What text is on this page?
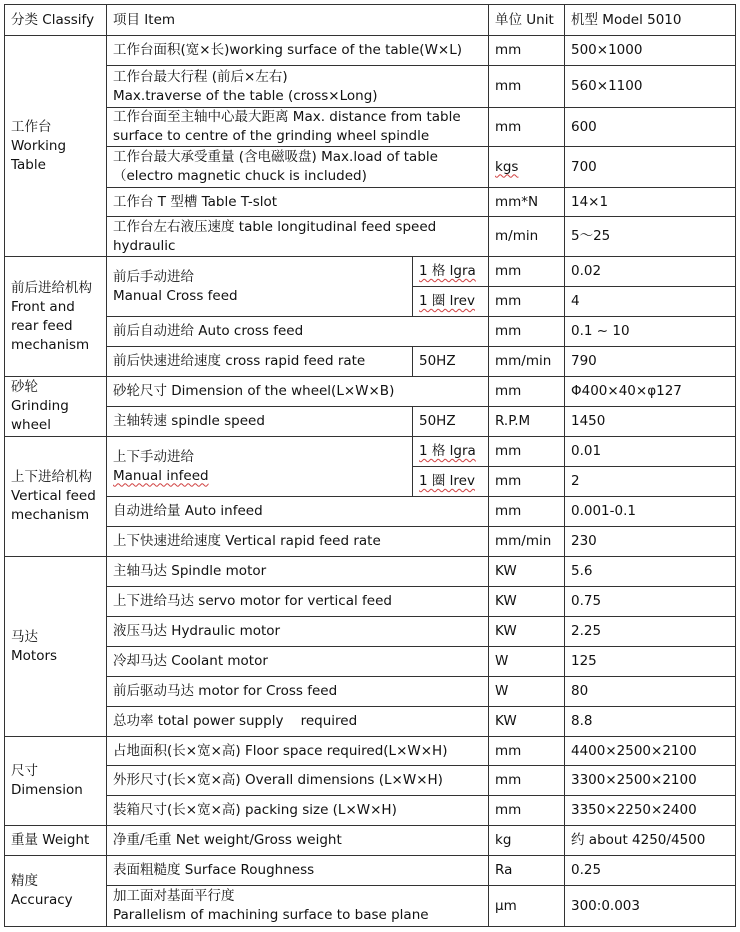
分类 Classify	项目 Item		单位 Unit	机型 Model 5010

工作台
Working
Table	工作台面积(宽×长)working surface of the table(W×L)		mm	500×1000

	工作台最大行程 (前后×左右)
Max.traverse of the table (cross×Long)		mm	560×1100

	工作台面至主轴中心最大距离 Max. distance from table
surface to centre of the grinding wheel spindle		mm	600

	工作台最大承受重量 (含电磁吸盘) Max.load of table
（electro magnetic chuck is included)		kgs	700
	工作台 T 型槽 Table T-slot		mm*N	14×1

	工作台左右液压速度 table longitudinal feed speed
hydraulic		m/min	5～25

前后进给机构
Front and
rear feed
mechanism	前后手动进给
Manual Cross feed	1 格 lgra	mm	0.02
		1 圈 lrev	mm	4
	前后自动进给 Auto cross feed		mm	0.1 ~ 10
	前后快速进给速度 cross rapid feed rate	50HZ	mm/min	790

砂轮
Grinding
wheel	砂轮尺寸 Dimension of the wheel(L×W×B)		mm	Φ400×40×φ127
	主轴转速 spindle speed	50HZ	R.P.M	1450

上下进给机构
Vertical feed
mechanism	上下手动进给
Manual infeed	1 格 lgra	mm	0.01
		1 圈 lrev	mm	2
	自动进给量 Auto infeed		mm	0.001-0.1
	上下快速进给速度 Vertical rapid feed rate		mm/min	230

马达
Motors	主轴马达 Spindle motor		KW	5.6
	上下进给马达 servo motor for vertical feed		KW	0.75
	液压马达 Hydraulic motor		KW	2.25
	冷却马达 Coolant motor		W	125
	前后驱动马达 motor for Cross feed		W	80
	总功率 total power supply    required		KW	8.8

尺寸
Dimension	占地面积(长×宽×高) Floor space required(L×W×H)		mm	4400×2500×2100
	外形尺寸(长×宽×高) Overall dimensions (L×W×H)		mm	3300×2500×2100
	装箱尺寸(长×宽×高) packing size (L×W×H)		mm	3350×2250×2400
重量 Weight	净重/毛重 Net weight/Gross weight		kg	约 about 4250/4500

精度
Accuracy	表面粗糙度 Surface Roughness		Ra	0.25

	加工面对基面平行度
Parallelism of machining surface to base plane		μm	300:0.003
